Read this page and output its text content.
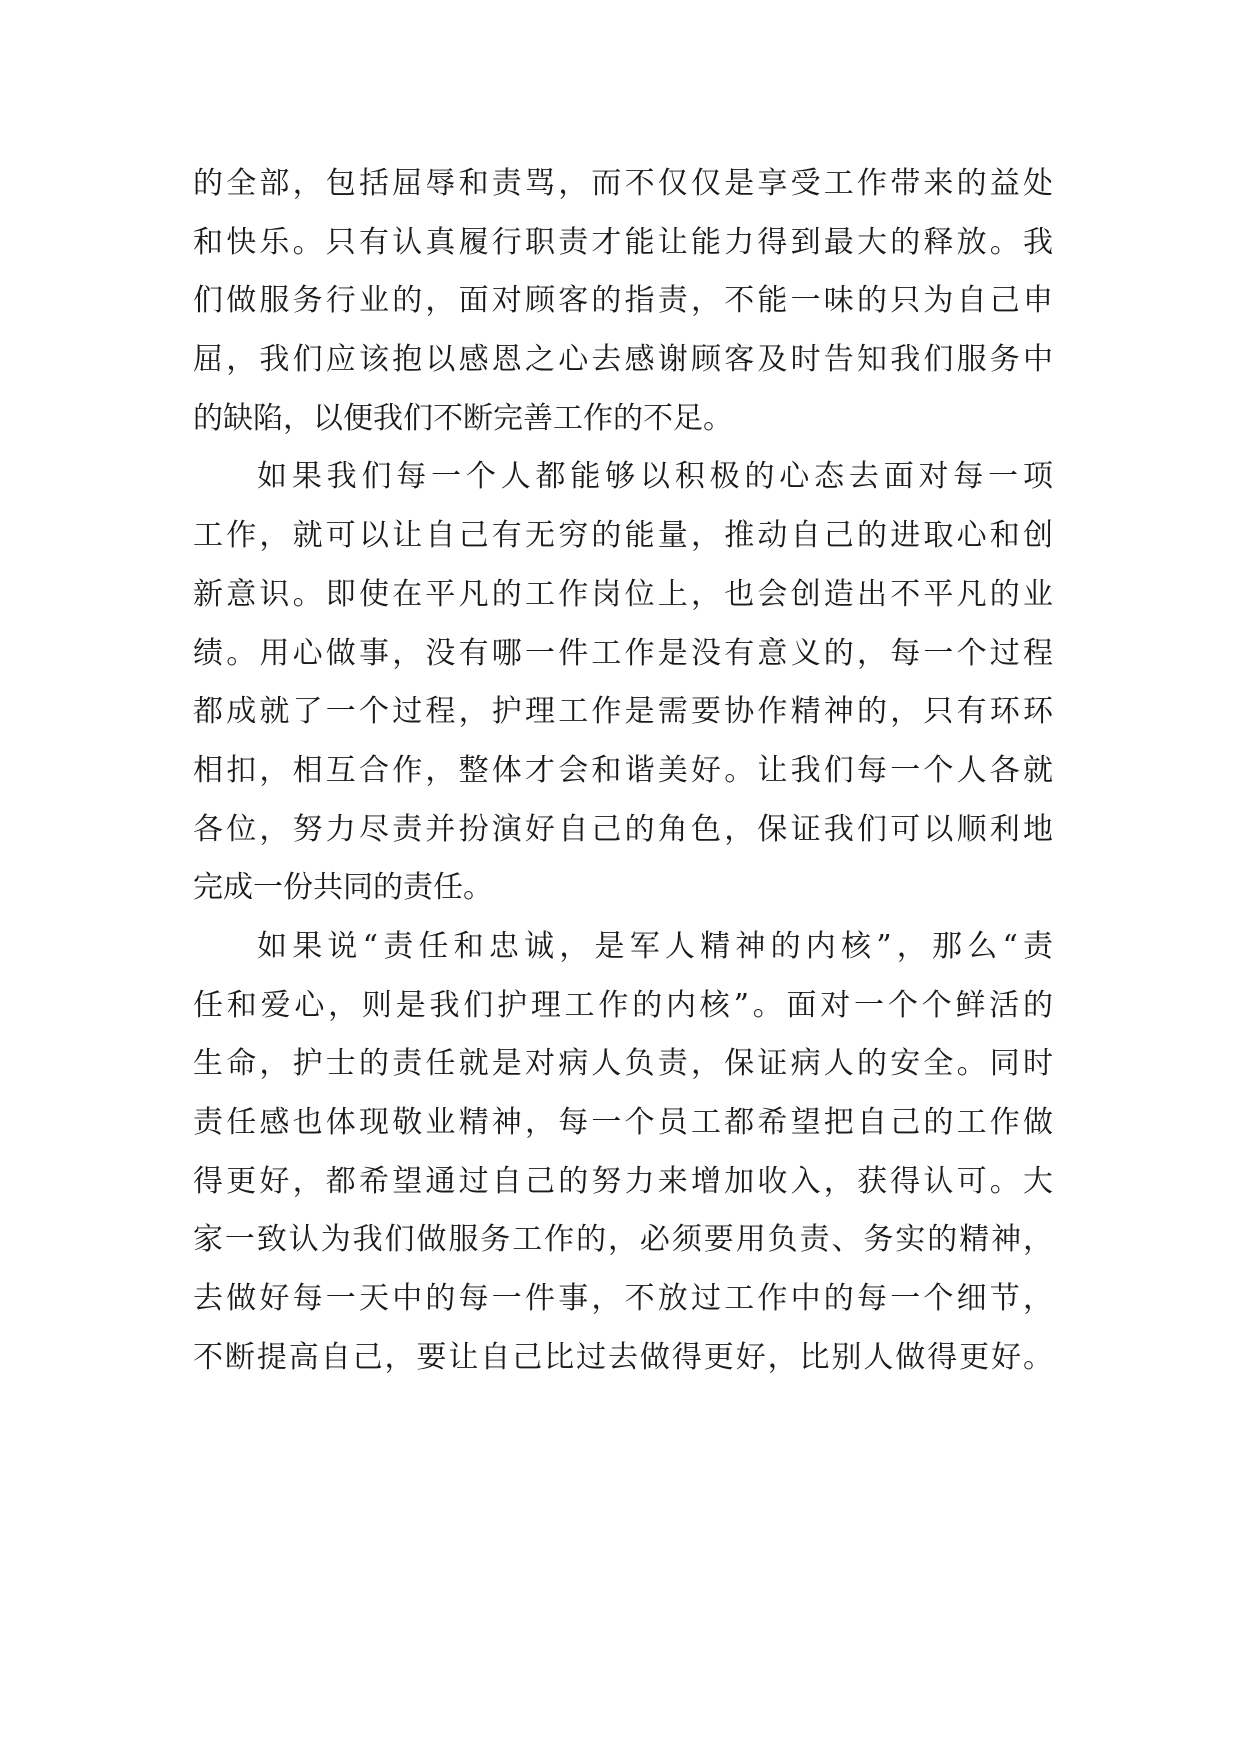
的全部，包括屈辱和责骂，而不仅仅是享受工作带来的益处
和快乐。只有认真履行职责才能让能力得到最大的释放。我
们做服务行业的，面对顾客的指责，不能一味的只为自己申
屈，我们应该抱以感恩之心去感谢顾客及时告知我们服务中
的缺陷，以便我们不断完善工作的不足。
如果我们每一个人都能够以积极的心态去面对每一项
工作，就可以让自己有无穷的能量，推动自己的进取心和创
新意识。即使在平凡的工作岗位上，也会创造出不平凡的业
绩。用心做事，没有哪一件工作是没有意义的，每一个过程
都成就了一个过程，护理工作是需要协作精神的，只有环环
相扣，相互合作，整体才会和谐美好。让我们每一个人各就
各位，努力尽责并扮演好自己的角色，保证我们可以顺利地
完成一份共同的责任。
如果说“责任和忠诚，是军人精神的内核”，那么“责
任和爱心，则是我们护理工作的内核”。面对一个个鲜活的
生命，护士的责任就是对病人负责，保证病人的安全。同时
责任感也体现敬业精神，每一个员工都希望把自己的工作做
得更好，都希望通过自己的努力来增加收入，获得认可。大
家一致认为我们做服务工作的，必须要用负责、务实的精神，
去做好每一天中的每一件事，不放过工作中的每一个细节，
不断提高自己，要让自己比过去做得更好，比别人做得更好。
